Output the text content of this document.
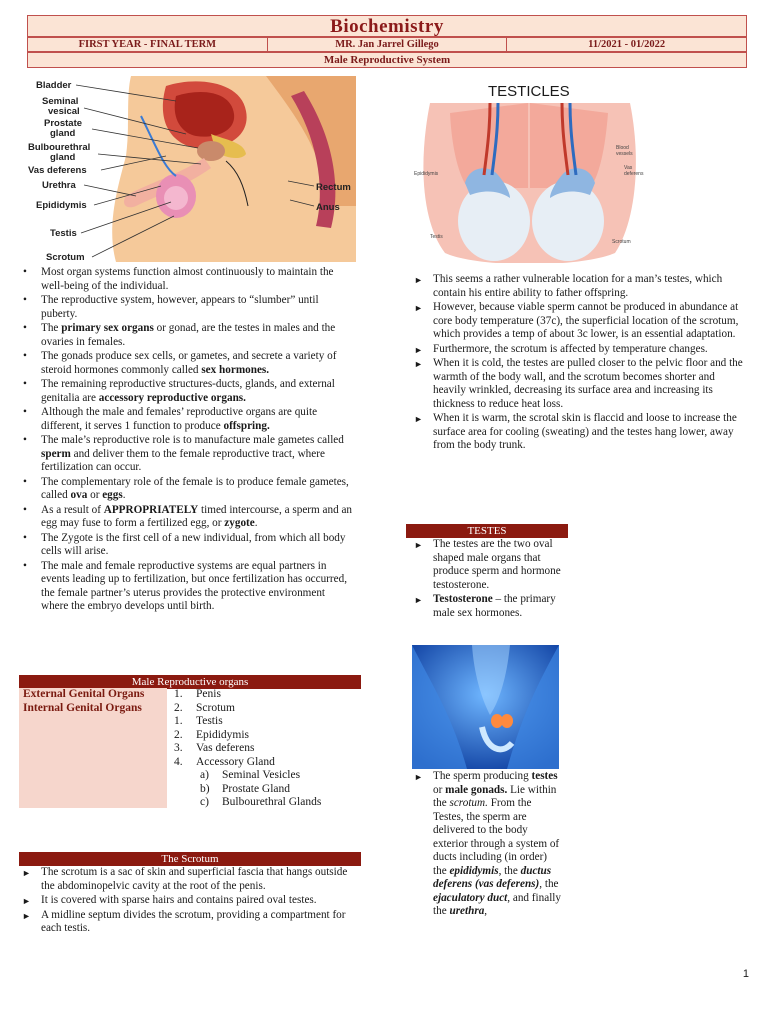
Biochemistry
FIRST YEAR - FINAL TERM	MR. Jan Jarrel Gillego	11/2021 - 01/2022
Male Reproductive System
Bladder
Seminal
vesical
Prostate
gland
Bulbourethral
gland
Vas deferens
Urethra
Epididymis
Testis
Scrotum
Rectum
Anus
• Most organ systems function almost continuously to maintain the well-being of the individual.
• The reproductive system, however, appears to “slumber” until puberty.
• The primary sex organs or gonad, are the testes in males and the ovaries in females.
• The gonads produce sex cells, or gametes, and secrete a variety of steroid hormones commonly called sex hormones.
• The remaining reproductive structures-ducts, glands, and external genitalia are accessory reproductive organs.
• Although the male and females’ reproductive organs are quite different, it serves 1 function to produce offspring.
• The male’s reproductive role is to manufacture male gametes called sperm and deliver them to the female reproductive tract, where fertilization can occur.
• The complementary role of the female is to produce female gametes, called ova or eggs.
• As a result of APPROPRIATELY timed intercourse, a sperm and an egg may fuse to form a fertilized egg, or zygote.
• The Zygote is the first cell of a new individual, from which all body cells will arise.
• The male and female reproductive systems are equal partners in events leading up to fertilization, but once fertilization has occurred, the female partner’s uterus provides the protective environment where the embryo develops until birth.
Male Reproductive organs
External Genital Organs
Internal Genital Organs
1. Penis
2. Scrotum
1. Testis
2. Epididymis
3. Vas deferens
4. Accessory Gland
a) Seminal Vesicles
b) Prostate Gland
c) Bulbourethral Glands
The Scrotum
► The scrotum is a sac of skin and superficial fascia that hangs outside the abdominopelvic cavity at the root of the penis.
► It is covered with sparse hairs and contains paired oval testes.
► A midline septum divides the scrotum, providing a compartment for each testis.
TESTICLES
Epididymis
Blood
vessels
Vas
deferens
Testis
Scrotum
► This seems a rather vulnerable location for a man’s testes, which contain his entire ability to father offspring.
► However, because viable sperm cannot be produced in abundance at core body temperature (37c), the superficial location of the scrotum, which provides a temp of about 3c lower, is an essential adaptation.
► Furthermore, the scrotum is affected by temperature changes.
► When it is cold, the testes are pulled closer to the pelvic floor and the warmth of the body wall, and the scrotum becomes shorter and heavily wrinkled, decreasing its surface area and increasing its thickness to reduce heat loss.
► When it is warm, the scrotal skin is flaccid and loose to increase the surface area for cooling (sweating) and the testes hang lower, away from the body trunk.
TESTES
► The testes are the two oval shaped male organs that produce sperm and hormone testosterone.
► Testosterone – the primary male sex hormones.
► The sperm producing testes or male gonads. Lie within the scrotum. From the Testes, the sperm are delivered to the body exterior through a system of ducts including (in order) the epididymis, the ductus deferens (vas deferens), the ejaculatory duct, and finally the urethra,
1
